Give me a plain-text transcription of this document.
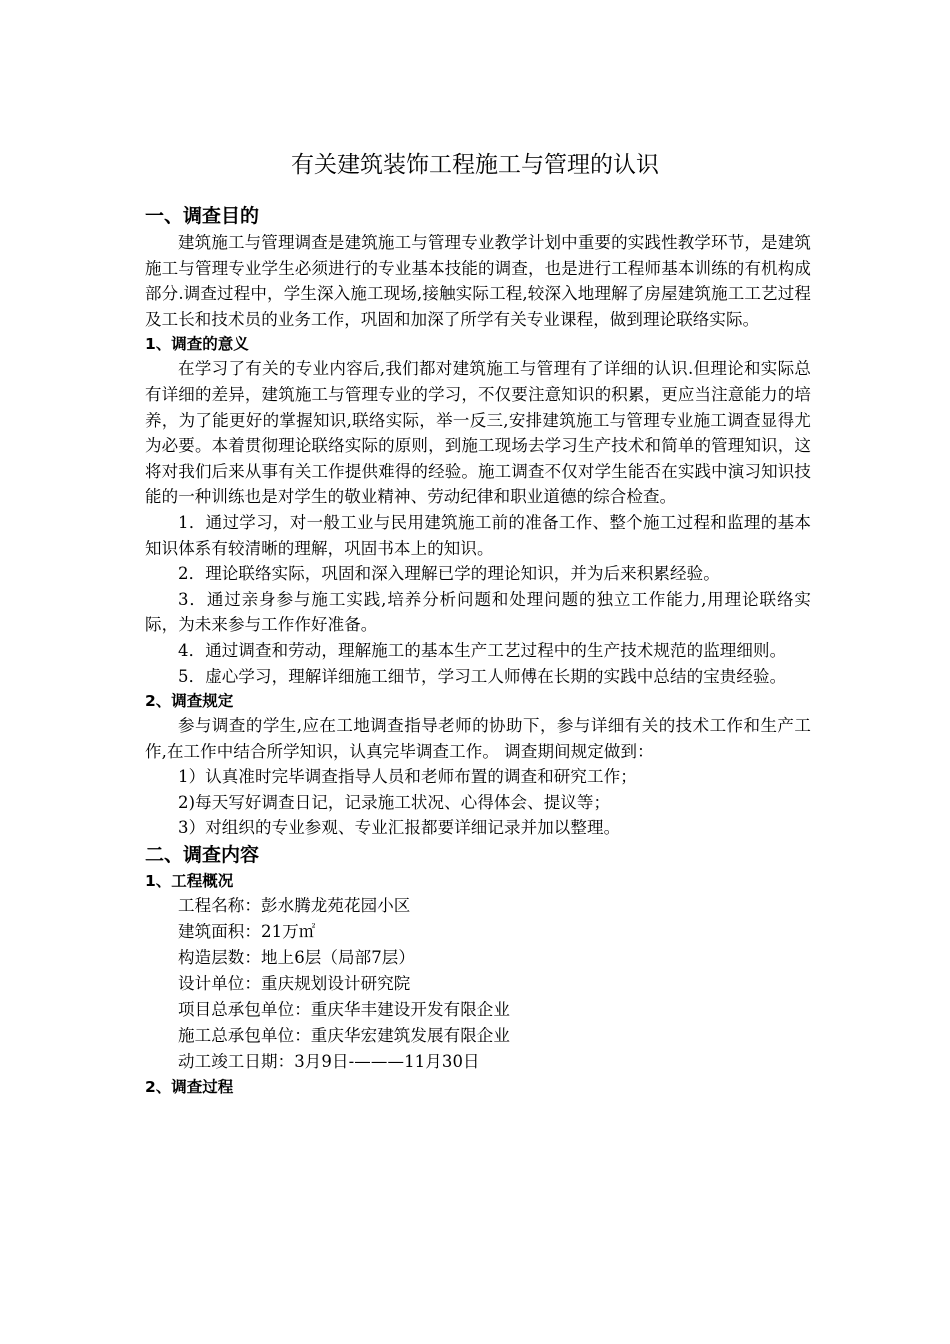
有关建筑装饰工程施工与管理的认识
一、调查目的

建筑施工与管理调查是建筑施工与管理专业教学计划中重要的实践性教学环节，是建筑施工与管理专业学生必须进行的专业基本技能的调查，也是进行工程师基本训练的有机构成部分.调查过程中，学生深入施工现场,接触实际工程,较深入地理解了房屋建筑施工工艺过程及工长和技术员的业务工作，巩固和加深了所学有关专业课程，做到理论联络实际。

1、调查的意义

在学习了有关的专业内容后,我们都对建筑施工与管理有了详细的认识.但理论和实际总有详细的差异，建筑施工与管理专业的学习，不仅要注意知识的积累，更应当注意能力的培养，为了能更好的掌握知识,联络实际，举一反三,安排建筑施工与管理专业施工调查显得尤为必要。本着贯彻理论联络实际的原则，到施工现场去学习生产技术和简单的管理知识，这将对我们后来从事有关工作提供难得的经验。施工调查不仅对学生能否在实践中演习知识技能的一种训练也是对学生的敬业精神、劳动纪律和职业道德的综合检查。

1．通过学习，对一般工业与民用建筑施工前的准备工作、整个施工过程和监理的基本知识体系有较清晰的理解，巩固书本上的知识。

2．理论联络实际，巩固和深入理解已学的理论知识，并为后来积累经验。

3．通过亲身参与施工实践,培养分析问题和处理问题的独立工作能力,用理论联络实际，为未来参与工作作好准备。

4．通过调查和劳动，理解施工的基本生产工艺过程中的生产技术规范的监理细则。

5．虚心学习，理解详细施工细节，学习工人师傅在长期的实践中总结的宝贵经验。

2、调查规定

参与调查的学生,应在工地调查指导老师的协助下，参与详细有关的技术工作和生产工作,在工作中结合所学知识，认真完毕调查工作。 调查期间规定做到：

1）认真准时完毕调查指导人员和老师布置的调查和研究工作；

2)每天写好调查日记，记录施工状况、心得体会、提议等；

3）对组织的专业参观、专业汇报都要详细记录并加以整理。

二、调查内容
1、工程概况

工程名称：彭水腾龙苑花园小区

建筑面积：21万㎡

构造层数：地上6层（局部7层）

设计单位：重庆规划设计研究院

项目总承包单位：重庆华丰建设开发有限企业

施工总承包单位：重庆华宏建筑发展有限企业

动工竣工日期：3月9日-———11月30日

2、调查过程
